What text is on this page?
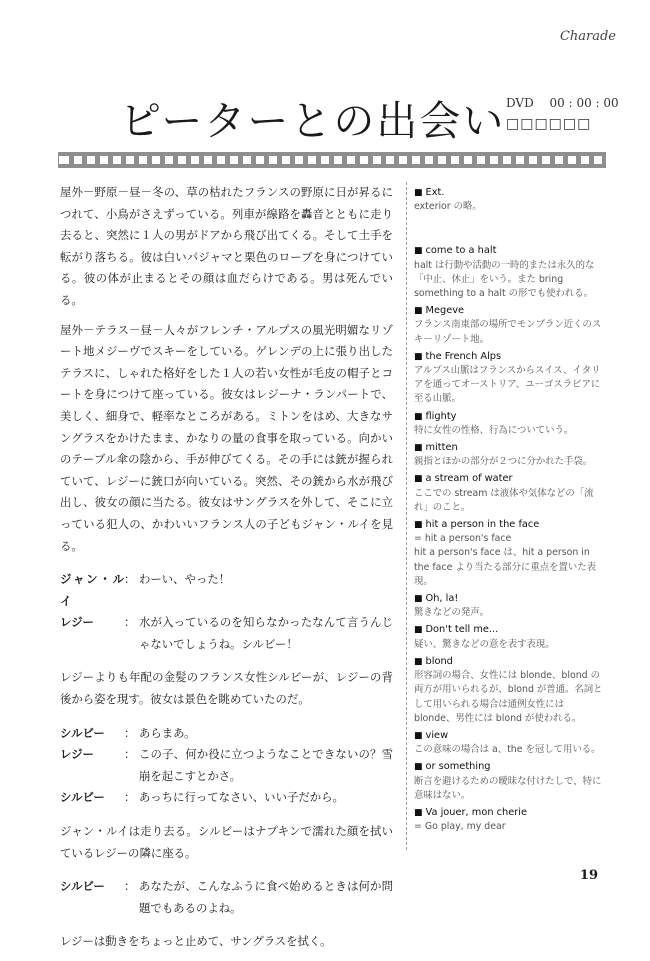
Charade
ピーターとの出会い DVD　 00 : 00 : 00
□□□□□□

屋外－野原－昼－冬の、草の枯れたフランスの野原に日が昇るにつれて、小鳥がさえずっている。列車が線路を轟音とともに走り去ると、突然に１人の男がドアから飛び出てくる。そして土手を転がり落ちる。彼は白いパジャマと栗色のローブを身につけている。彼の体が止まるとその顔は血だらけである。男は死んでいる。

屋外－テラス－昼－人々がフレンチ・アルプスの風光明媚なリゾート地メジーヴでスキーをしている。ゲレンデの上に張り出したテラスに、しゃれた格好をした１人の若い女性が毛皮の帽子とコートを身につけて座っている。彼女はレジーナ・ランパートで、美しく、細身で、軽率なところがある。ミトンをはめ、大きなサングラスをかけたまま、かなりの量の食事を取っている。向かいのテーブル傘の陰から、手が伸びてくる。その手には銃が握られていて、レジーに銃口が向いている。突然、その銃から水が飛び出し、彼女の顔に当たる。彼女はサングラスを外して、そこに立っている犯人の、かわいいフランス人の子どもジャン・ルイを見る。

ジャン・ルイ
： わーい、やった！
レジー	： 水が入っているのを知らなかったなんて言うんじゃないでしょうね。シルビー！

レジーよりも年配の金髪のフランス女性シルビーが、レジーの背後から姿を現す。彼女は景色を眺めていたのだ。

シルビー	： あらまあ。
レジー	： この子、何か役に立つようなことできないの？雪崩を起こすとかさ。
シルビー	： あっちに行ってなさい、いい子だから。

ジャン・ルイは走り去る。シルビーはナプキンで濡れた顔を拭いているレジーの隣に座る。

シルビー	： あなたが、こんなふうに食べ始めるときは何か問題でもあるのよね。

レジーは動きをちょっと止めて、サングラスを拭く。

■ Ext.
exterior の略。
■ come to a halt
halt は行動や活動の一時的または永久的な「中止、休止」をいう。また bring something to a halt の形でも使われる。
■ Megeve
フランス南東部の場所でモンブラン近くのスキーリゾート地。
■ the French Alps
アルプス山脈はフランスからスイス、イタリアを通ってオーストリア、ユーゴスラビアに至る山脈。
■ flighty
特に女性の性格、行為についていう。
■ mitten
親指とほかの部分が２つに分かれた手袋。
■ a stream of water
ここでの stream は液体や気体などの「流れ」のこと。
■ hit a person in the face
= hit a person's face
hit a person's face は、hit a person in the face より当たる部分に重点を置いた表現。
■ Oh, la!
驚きなどの発声。
■ Don't tell me...
疑い、驚きなどの意を表す表現。
■ blond
形容詞の場合、女性には blonde、blond の両方が用いられるが、blond が普通。名詞として用いられる場合は通例女性には blonde、男性には blond が使われる。
■ view
この意味の場合は a、the を冠して用いる。
■ or something
断言を避けるための曖昧な付けたしで、特に意味はない。
■ Va jouer, mon cherie
= Go play, my dear
19
